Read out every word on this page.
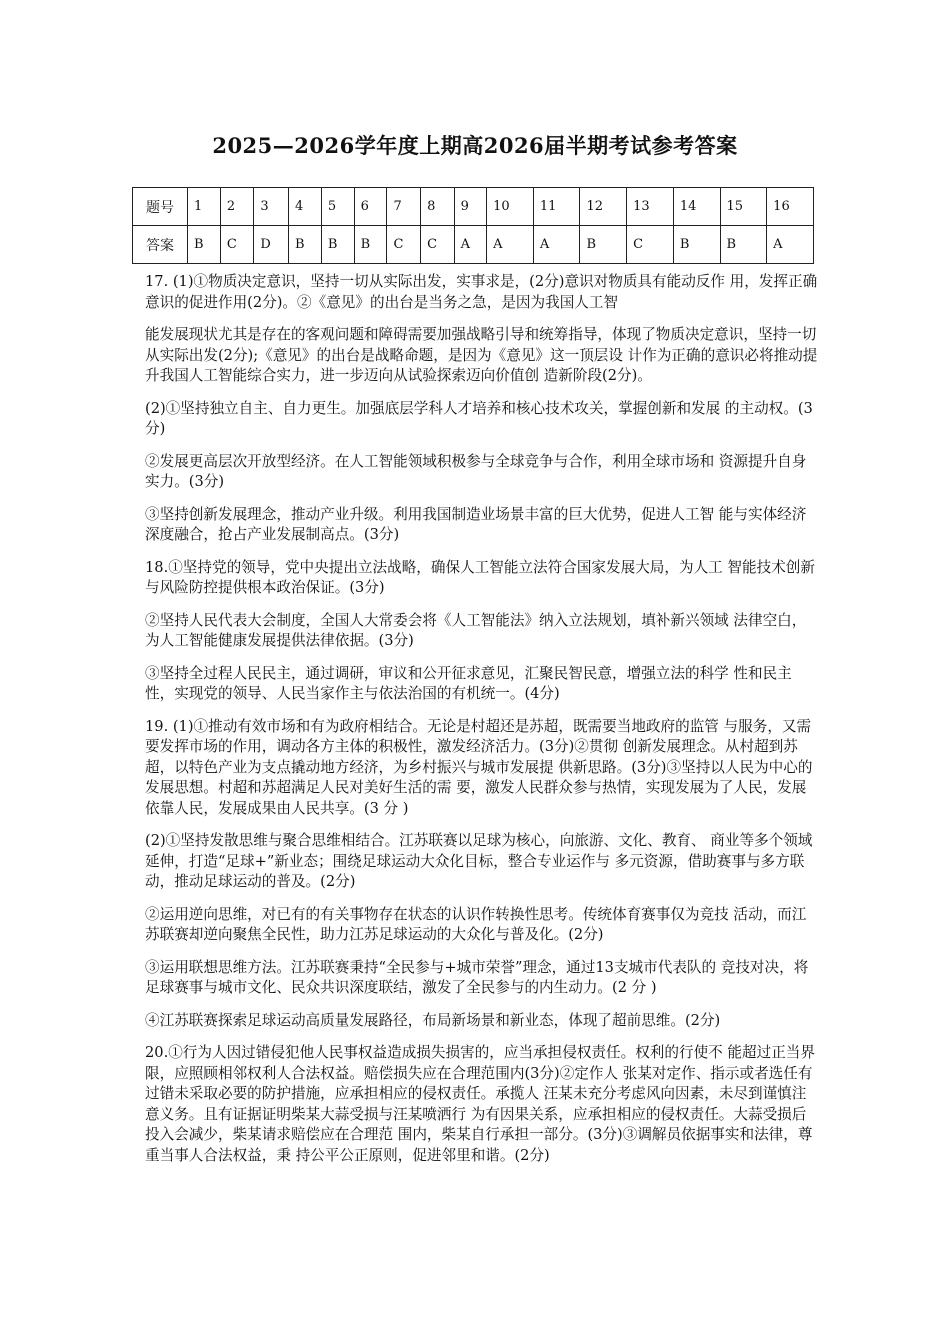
2025—2026学年度上期高2026届半期考试参考答案
题号	1	2	3	4	5	6	7	8	9	10	11	12	13	14	15	16
答案	B	C	D	B	B	B	C	C	A	A	A	B	C	B	B	A

17. (1)①物质决定意识，坚持一切从实际出发，实事求是，(2分)意识对物质具有能动反作 用，发挥正确意识的促进作用(2分)。②《意见》的出台是当务之急，是因为我国人工智

能发展现状尤其是存在的客观问题和障碍需要加强战略引导和统筹指导，体现了物质决定意识，坚持一切从实际出发(2分);《意见》的出台是战略命题，是因为《意见》这一顶层设 计作为正确的意识必将推动提升我国人工智能综合实力，进一步迈向从试验探索迈向价值创 造新阶段(2分)。

(2)①坚持独立自主、自力更生。加强底层学科人才培养和核心技术攻关，掌握创新和发展 的主动权。(3分)

②发展更高层次开放型经济。在人工智能领域积极参与全球竞争与合作，利用全球市场和 资源提升自身实力。(3分)

③坚持创新发展理念，推动产业升级。利用我国制造业场景丰富的巨大优势，促进人工智 能与实体经济深度融合，抢占产业发展制高点。(3分)

18.①坚持党的领导，党中央提出立法战略，确保人工智能立法符合国家发展大局，为人工 智能技术创新与风险防控提供根本政治保证。(3分)

②坚持人民代表大会制度，全国人大常委会将《人工智能法》纳入立法规划，填补新兴领域 法律空白，为人工智能健康发展提供法律依据。(3分)

③坚持全过程人民民主，通过调研，审议和公开征求意见，汇聚民智民意，增强立法的科学 性和民主性，实现党的领导、人民当家作主与依法治国的有机统一。(4分)

19. (1)①推动有效市场和有为政府相结合。无论是村超还是苏超，既需要当地政府的监管 与服务，又需要发挥市场的作用，调动各方主体的积极性，激发经济活力。(3分)②贯彻 创新发展理念。从村超到苏超，以特色产业为支点撬动地方经济，为乡村振兴与城市发展提 供新思路。(3分)③坚持以人民为中心的发展思想。村超和苏超满足人民对美好生活的需 要，激发人民群众参与热情，实现发展为了人民，发展依靠人民，发展成果由人民共享。(3 分 )

(2)①坚持发散思维与聚合思维相结合。江苏联赛以足球为核心，向旅游、文化、教育、 商业等多个领域延伸，打造“足球+”新业态；围绕足球运动大众化目标，整合专业运作与 多元资源，借助赛事与多方联动，推动足球运动的普及。(2分)

②运用逆向思维，对已有的有关事物存在状态的认识作转换性思考。传统体育赛事仅为竞技 活动，而江苏联赛却逆向聚焦全民性，助力江苏足球运动的大众化与普及化。(2分)

③运用联想思维方法。江苏联赛秉持“全民参与+城市荣誉”理念，通过13支城市代表队的 竞技对决，将足球赛事与城市文化、民众共识深度联结，激发了全民参与的内生动力。(2 分 )

④江苏联赛探索足球运动高质量发展路径，布局新场景和新业态，体现了超前思维。(2分)

20.①行为人因过错侵犯他人民事权益造成损失损害的，应当承担侵权责任。权利的行使不 能超过正当界限，应照顾相邻权利人合法权益。赔偿损失应在合理范围内(3分)②定作人 张某对定作、指示或者选任有过错未采取必要的防护措施，应承担相应的侵权责任。承揽人 汪某未充分考虑风向因素，未尽到谨慎注意义务。且有证据证明柴某大蒜受损与汪某喷洒行 为有因果关系，应承担相应的侵权责任。大蒜受损后投入会减少，柴某请求赔偿应在合理范 围内，柴某自行承担一部分。(3分)③调解员依据事实和法律，尊重当事人合法权益，秉 持公平公正原则，促进邻里和谐。(2分)
